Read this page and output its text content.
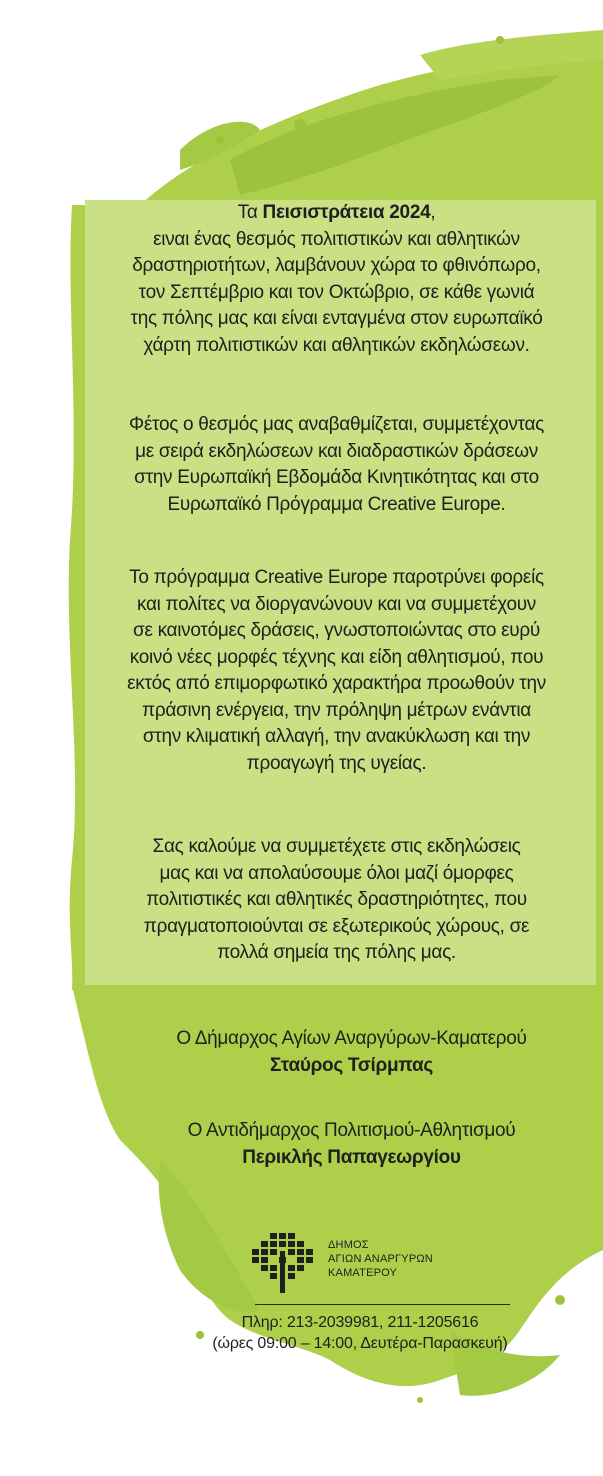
Τα Πεισιστράτεια 2024,

ειναι ένας θεσμός πολιτιστικών και αθλητικών

δραστηριοτήτων, λαμβάνουν χώρα το φθινόπωρο,

τον Σεπτέμβριο και τον Οκτώβριο, σε κάθε γωνιά

της πόλης μας και είναι ενταγμένα στον ευρωπαϊκό

χάρτη πολιτιστικών και αθλητικών εκδηλώσεων.

Φέτος ο θεσμός μας αναβαθμίζεται, συμμετέχοντας

με σειρά εκδηλώσεων και διαδραστικών δράσεων

στην Ευρωπαϊκή Εβδομάδα Κινητικότητας και στο

Ευρωπαϊκό Πρόγραμμα Creative Europe.

Το πρόγραμμα Creative Europe παροτρύνει φορείς

και πολίτες να διοργανώνουν και να συμμετέχουν

σε καινοτόμες δράσεις, γνωστοποιώντας στο ευρύ

κοινό νέες μορφές τέχνης και είδη αθλητισμού, που

εκτός από επιμορφωτικό χαρακτήρα προωθούν την

πράσινη ενέργεια, την πρόληψη μέτρων ενάντια

στην κλιματική αλλαγή, την ανακύκλωση και την

προαγωγή της υγείας.

Σας καλούμε να συμμετέχετε στις εκδηλώσεις

μας και να απολαύσουμε όλοι μαζί όμορφες

πολιτιστικές και αθλητικές δραστηριότητες, που

πραγματοποιούνται σε εξωτερικούς χώρους, σε

πολλά σημεία της πόλης μας.

Ο Δήμαρχος Αγίων Αναργύρων-Καματερού
Σταύρος Τσίρμπας
Ο Αντιδήμαρχος Πολιτισμού-Αθλητισμού
Περικλής Παπαγεωργίου
ΔΗΜΟΣ
ΑΓΙΩΝ ΑΝΑΡΓΥΡΩΝ
ΚΑΜΑΤΕΡΟΥ
Πληρ: 213-2039981, 211-1205616
(ώρες 09:00 – 14:00, Δευτέρα-Παρασκευή)
